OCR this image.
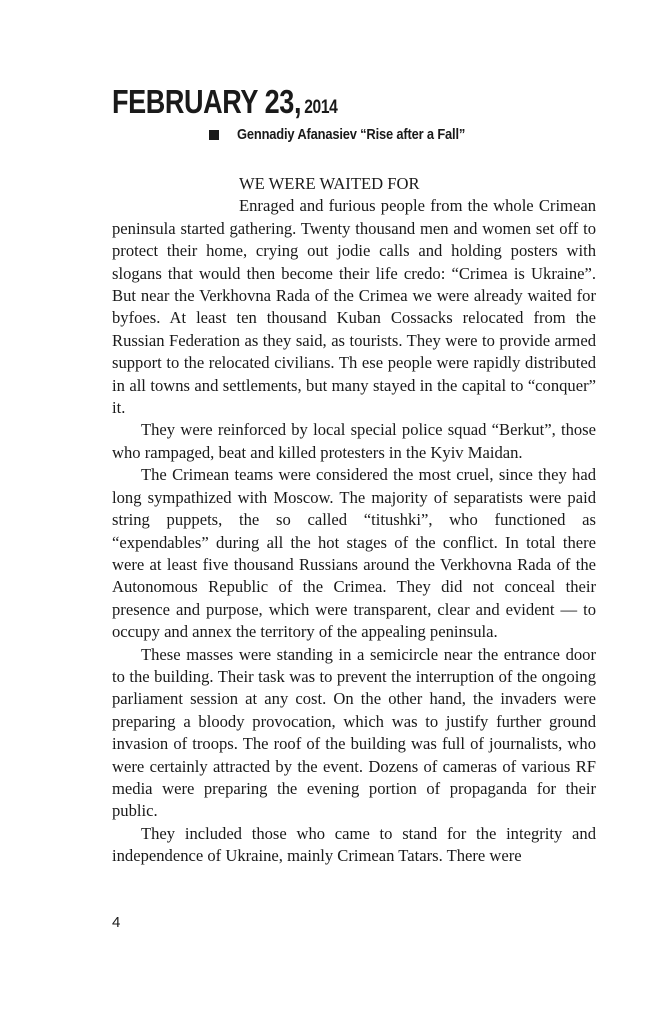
FEBRUARY 23, 2014
Gennadiy Afanasiev “Rise after a Fall”

WE WERE WAITED FOR

Enraged and furious people from the whole Crimean peninsula started gathering. Twenty thousand men and women set off to protect their home, crying out jodie calls and holding posters with slogans that would then become their life credo: “Crimea is Ukraine”. But near the Verkhovna Rada of the Crimea we were already waited for byfoes. At least ten thousand Kuban Cossacks relocated from the Russian Federation as they said, as tourists. They were to provide armed support to the relocated civilians. Th ese people were rapidly distributed in all towns and settlements, but many stayed in the capital to “conquer” it.

They were reinforced by local special police squad “Berkut”, those who rampaged, beat and killed protesters in the Kyiv Maidan.

The Crimean teams were considered the most cruel, since they had long sympathized with Moscow. The majority of separatists were paid string puppets, the so called “titushki”, who functioned as “expendables” during all the hot stages of the conflict. In total there were at least five thousand Russians around the Verkhovna Rada of the Autonomous Republic of the Crimea. They did not conceal their presence and purpose, which were transparent, clear and evident — to occupy and annex the territory of the appealing peninsula.

These masses were standing in a semicircle near the entrance door to the building. Their task was to prevent the interruption of the ongoing parliament session at any cost. On the other hand, the invaders were preparing a bloody provocation, which was to justify further ground invasion of troops. The roof of the building was full of journalists, who were certainly attracted by the event. Dozens of cameras of various RF media were preparing the evening portion of propaganda for their public.

They included those who came to stand for the integrity and independence of Ukraine, mainly Crimean Tatars. There were

4
